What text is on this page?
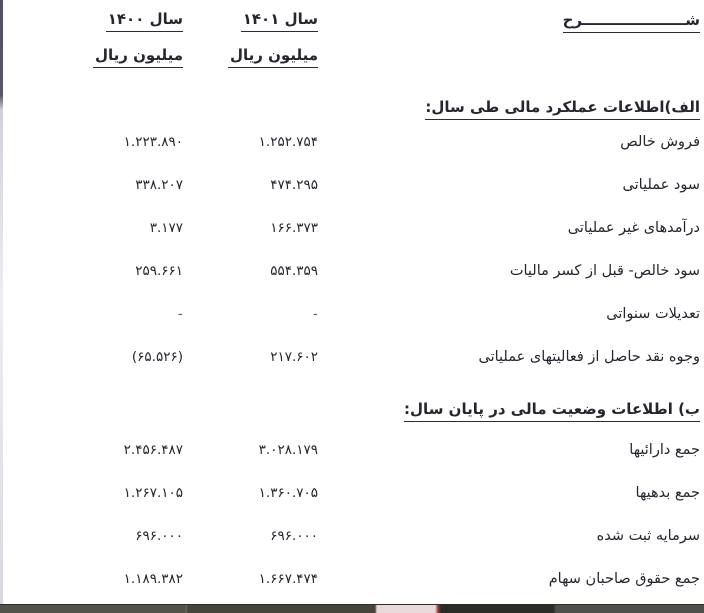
شــــــــــــــــــــرح
سال ۱۴۰۱
سال ۱۴۰۰
میلیون ریال
میلیون ریال
الف)اطلاعات عملکرد مالی طی سال:
فروش خالص
۱.۲۵۲.۷۵۴
۱.۲۲۳.۸۹۰
سود عملیاتی
۴۷۴.۲۹۵
۳۳۸.۲۰۷
درآمدهای غیر عملیاتی
۱۶۶.۳۷۳
۳.۱۷۷
سود خالص- قبل از کسر مالیات
۵۵۴.۳۵۹
۲۵۹.۶۶۱
تعدیلات سنواتی
-
-
وجوه نقد حاصل از فعالیتهای عملیاتی
۲۱۷.۶۰۲
(۶۵.۵۲۶)
ب) اطلاعات وضعیت مالی در پایان سال:
جمع دارائیها
۳.۰۲۸.۱۷۹
۲.۴۵۶.۴۸۷
جمع بدهیها
۱.۳۶۰.۷۰۵
۱.۲۶۷.۱۰۵
سرمایه ثبت شده
۶۹۶.۰۰۰
۶۹۶.۰۰۰
جمع حقوق صاحبان سهام
۱.۶۶۷.۴۷۴
۱.۱۸۹.۳۸۲
